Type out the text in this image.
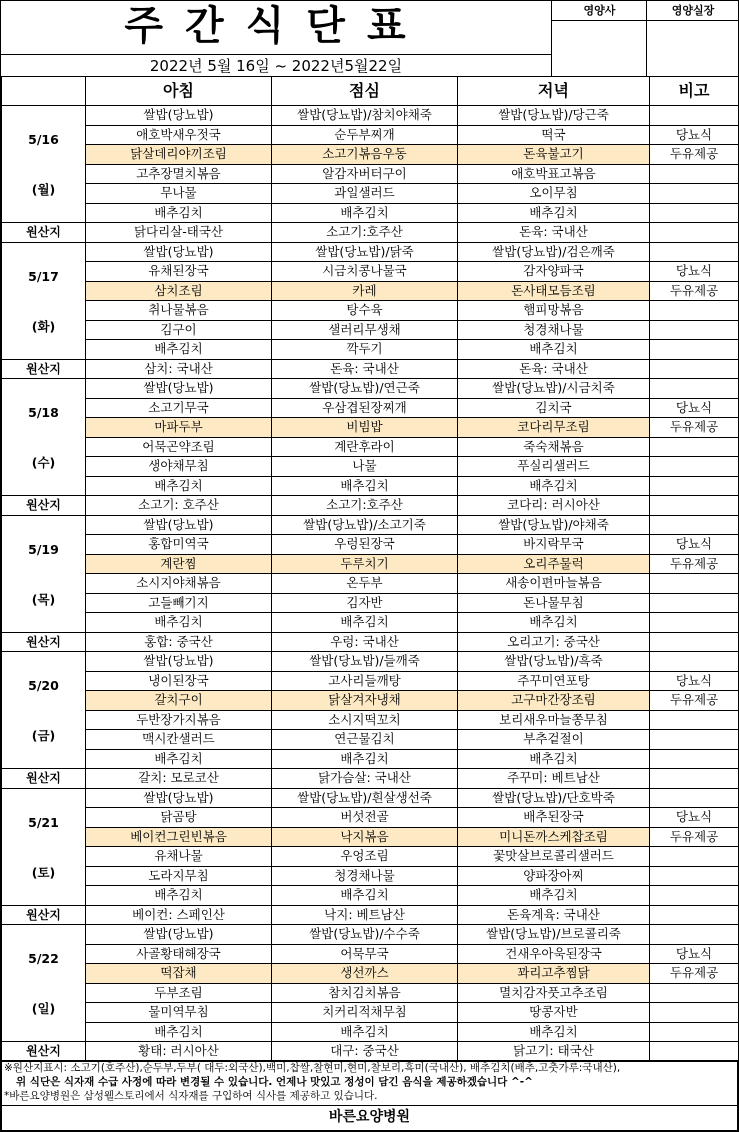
주간식단표
2022년 5월 16일 ~ 2022년5월22일
영양사	영양실장
	아침	점심	저녁	비고

5/16
(월)	쌀밥(당뇨밥)	쌀밥(당뇨밥)/참치야채죽	쌀밥(당뇨밥)/당근죽	
	애호박새우젓국	순두부찌개	떡국	당뇨식
	닭살데리야끼조림	소고기볶음우동	돈육불고기	두유제공
	고추장멸치볶음	알감자버터구이	애호박표고볶음	
	무나물	과일샐러드	오이무침	
	배추김치	배추김치	배추김치	
원산지	닭다리살-태국산	소고기:호주산	돈육: 국내산	

5/17
(화)	쌀밥(당뇨밥)	쌀밥(당뇨밥)/닭죽	쌀밥(당뇨밥)/검은깨죽	
	유채된장국	시금치콩나물국	감자양파국	당뇨식
	삼치조림	카레	돈사태모듬조림	두유제공
	취나물볶음	탕수육	햄피망볶음	
	김구이	샐러리무생채	청경채나물	
	배추김치	깍두기	배추김치	
원산지	삼치: 국내산	돈육: 국내산	돈육: 국내산	

5/18
(수)	쌀밥(당뇨밥)	쌀밥(당뇨밥)/연근죽	쌀밥(당뇨밥)/시금치죽	
	소고기무국	우삼겹된장찌개	김치국	당뇨식
	마파두부	비빔밥	코다리무조림	두유제공
	어묵곤약조림	계란후라이	죽숙채볶음	
	생야채무침	나물	푸실리샐러드	
	배추김치	배추김치	배추김치	
원산지	소고기: 호주산	소고기:호주산	코다리: 러시아산	

5/19
(목)	쌀밥(당뇨밥)	쌀밥(당뇨밥)/소고기죽	쌀밥(당뇨밥)/야채죽	
	홍합미역국	우렁된장국	바지락무국	당뇨식
	계란찜	두루치기	오리주물럭	두유제공
	소시지야채볶음	온두부	새송이편마늘볶음	
	고들빼기지	김자반	돈나물무침	
	배추김치	배추김치	배추김치	
원산지	홍합: 중국산	우렁: 국내산	오리고기: 중국산	

5/20
(금)	쌀밥(당뇨밥)	쌀밥(당뇨밥)/들깨죽	쌀밥(당뇨밥)/흑죽	
	냉이된장국	고사리들깨탕	주꾸미연포탕	당뇨식
	갈치구이	닭살겨자냉채	고구마간장조림	두유제공
	두반장가지볶음	소시지떡꼬치	보리새우마늘쫑무침	
	맥시칸샐러드	연근물김치	부추겉절이	
	배추김치	배추김치	배추김치	
원산지	갈치: 모로코산	닭가슴살: 국내산	주꾸미: 베트남산	

5/21
(토)	쌀밥(당뇨밥)	쌀밥(당뇨밥)/흰살생선죽	쌀밥(당뇨밥)/단호박죽	
	닭곰탕	버섯전골	배추된장국	당뇨식
	베이컨그린빈볶음	낙지볶음	미니돈까스케찹조림	두유제공
	유채나물	우엉조림	꽃맛살브로콜리샐러드	
	도라지무침	청경채나물	양파장아찌	
	배추김치	배추김치	배추김치	
원산지	베이컨: 스페인산	낙지: 베트남산	돈육계육: 국내산	

5/22
(일)	쌀밥(당뇨밥)	쌀밥(당뇨밥)/수수죽	쌀밥(당뇨밥)/브로콜리죽	
	사골황태해장국	어묵무국	건새우아욱된장국	당뇨식
	떡잡채	생선까스	꽈리고추찜닭	두유제공
	두부조림	참치김치볶음	멸치감자풋고추조림	
	물미역무침	치커리적채무침	땅콩자반	
	배추김치	배추김치	배추김치	
원산지	황태: 러시아산	대구: 중국산	닭고기: 태국산	
※원산지표시: 소고기(호주산),순두부,두부( 대두:외국산),백미,찹쌀,찰현미,현미,찰보리,흑미(국내산), 배추김치(배추,고춧가루:국내산),
위 식단은 식자재 수급 사정에 따라 변경될 수 있습니다. 언제나 맛있고 정성이 담긴 음식을 제공하겠습니다 ^-^
*바른요양병원은 삼성웰스토리에서 식자재를 구입하여 식사를 제공하고 있습니다.
바른요양병원
